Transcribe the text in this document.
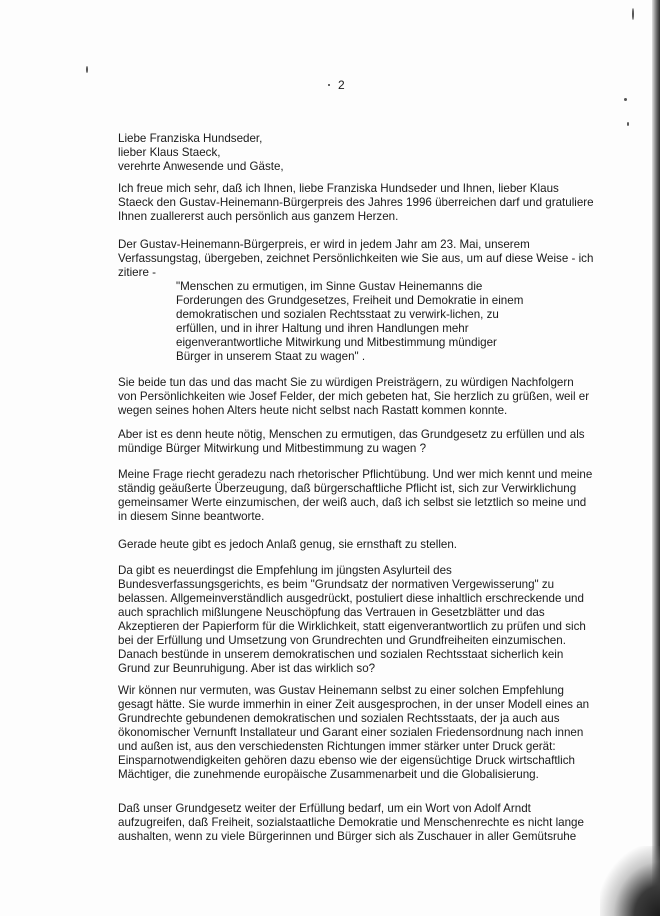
2
Liebe Franziska Hundseder,
lieber Klaus Staeck,
verehrte Anwesende und Gäste,
Ich freue mich sehr, daß ich Ihnen, liebe Franziska Hundseder und Ihnen, lieber Klaus
Staeck den Gustav-Heinemann-Bürgerpreis des Jahres 1996 überreichen darf und gratuliere
Ihnen zuallererst auch persönlich aus ganzem Herzen.
Der Gustav-Heinemann-Bürgerpreis, er wird in jedem Jahr am 23. Mai, unserem
Verfassungstag, übergeben, zeichnet Persönlichkeiten wie Sie aus, um auf diese Weise - ich
zitiere -
"Menschen zu ermutigen, im Sinne Gustav Heinemanns die
Forderungen des Grundgesetzes, Freiheit und Demokratie in einem
demokratischen und sozialen Rechtsstaat zu verwirk-lichen, zu
erfüllen, und in ihrer Haltung und ihren Handlungen mehr
eigenverantwortliche Mitwirkung und Mitbestimmung mündiger
Bürger in unserem Staat zu wagen" .
Sie beide tun das und das macht Sie zu würdigen Preisträgern, zu würdigen Nachfolgern
von Persönlichkeiten wie Josef Felder, der mich gebeten hat, Sie herzlich zu grüßen, weil er
wegen seines hohen Alters heute nicht selbst nach Rastatt kommen konnte.
Aber ist es denn heute nötig, Menschen zu ermutigen, das Grundgesetz zu erfüllen und als
mündige Bürger Mitwirkung und Mitbestimmung zu wagen ?
Meine Frage riecht geradezu nach rhetorischer Pflichtübung. Und wer mich kennt und meine
ständig geäußerte Überzeugung, daß bürgerschaftliche Pflicht ist, sich zur Verwirklichung
gemeinsamer Werte einzumischen, der weiß auch, daß ich selbst sie letztlich so meine und
in diesem Sinne beantworte.
Gerade heute gibt es jedoch Anlaß genug, sie ernsthaft zu stellen.
Da gibt es neuerdingst die Empfehlung im jüngsten Asylurteil des
Bundesverfassungsgerichts, es beim "Grundsatz der normativen Vergewisserung" zu
belassen. Allgemeinverständlich ausgedrückt, postuliert diese inhaltlich erschreckende und
auch sprachlich mißlungene Neuschöpfung das Vertrauen in Gesetzblätter und das
Akzeptieren der Papierform für die Wirklichkeit, statt eigenverantwortlich zu prüfen und sich
bei der Erfüllung und Umsetzung von Grundrechten und Grundfreiheiten einzumischen.
Danach bestünde in unserem demokratischen und sozialen Rechtsstaat sicherlich kein
Grund zur Beunruhigung. Aber ist das wirklich so?
Wir können nur vermuten, was Gustav Heinemann selbst zu einer solchen Empfehlung
gesagt hätte. Sie wurde immerhin in einer Zeit ausgesprochen, in der unser Modell eines an
Grundrechte gebundenen demokratischen und sozialen Rechtsstaats, der ja auch aus
ökonomischer Vernunft Installateur und Garant einer sozialen Friedensordnung nach innen
und außen ist, aus den verschiedensten Richtungen immer stärker unter Druck gerät:
Einsparnotwendigkeiten gehören dazu ebenso wie der eigensüchtige Druck wirtschaftlich
Mächtiger, die zunehmende europäische Zusammenarbeit und die Globalisierung.
Daß unser Grundgesetz weiter der Erfüllung bedarf, um ein Wort von Adolf Arndt
aufzugreifen, daß Freiheit, sozialstaatliche Demokratie und Menschenrechte es nicht lange
aushalten, wenn zu viele Bürgerinnen und Bürger sich als Zuschauer in aller Gemütsruhe
